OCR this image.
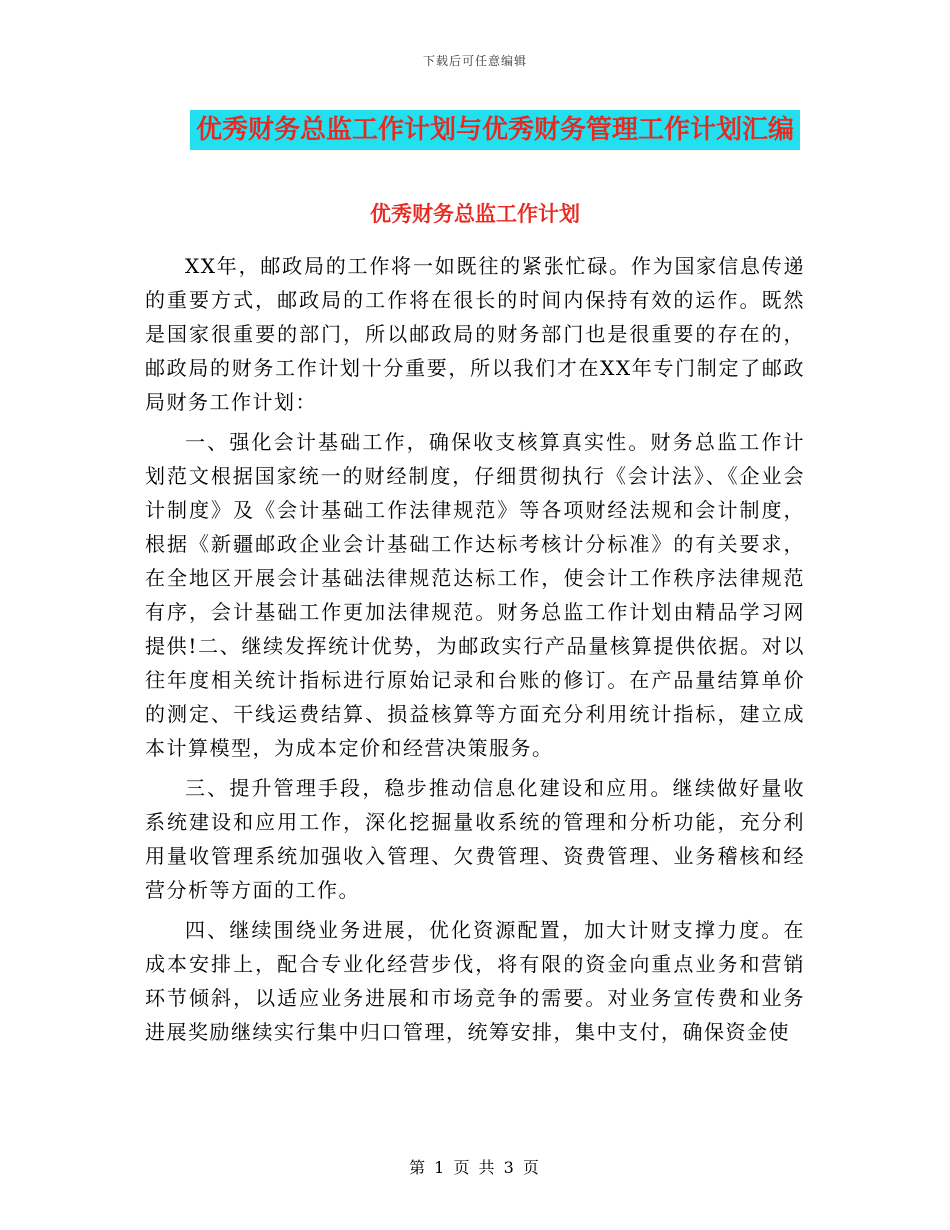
下载后可任意编辑
优秀财务总监工作计划与优秀财务管理工作计划汇编
优秀财务总监工作计划

XX年，邮政局的工作将一如既往的紧张忙碌。作为国家信息传递的重要方式，邮政局的工作将在很长的时间内保持有效的运作。既然是国家很重要的部门，所以邮政局的财务部门也是很重要的存在的，邮政局的财务工作计划十分重要，所以我们才在XX年专门制定了邮政局财务工作计划：

一、强化会计基础工作，确保收支核算真实性。财务总监工作计划范文根据国家统一的财经制度，仔细贯彻执行《会计法》、《企业会计制度》及《会计基础工作法律规范》等各项财经法规和会计制度，根据《新疆邮政企业会计基础工作达标考核计分标准》的有关要求，在全地区开展会计基础法律规范达标工作，使会计工作秩序法律规范有序，会计基础工作更加法律规范。财务总监工作计划由精品学习网提供!二、继续发挥统计优势，为邮政实行产品量核算提供依据。对以往年度相关统计指标进行原始记录和台账的修订。在产品量结算单价的测定、干线运费结算、损益核算等方面充分利用统计指标，建立成本计算模型，为成本定价和经营决策服务。

三、提升管理手段，稳步推动信息化建设和应用。继续做好量收系统建设和应用工作，深化挖掘量收系统的管理和分析功能，充分利用量收管理系统加强收入管理、欠费管理、资费管理、业务稽核和经营分析等方面的工作。

四、继续围绕业务进展，优化资源配置，加大计财支撑力度。在成本安排上，配合专业化经营步伐，将有限的资金向重点业务和营销环节倾斜，以适应业务进展和市场竞争的需要。对业务宣传费和业务进展奖励继续实行集中归口管理，统筹安排，集中支付，确保资金使

第 1 页 共 3 页
